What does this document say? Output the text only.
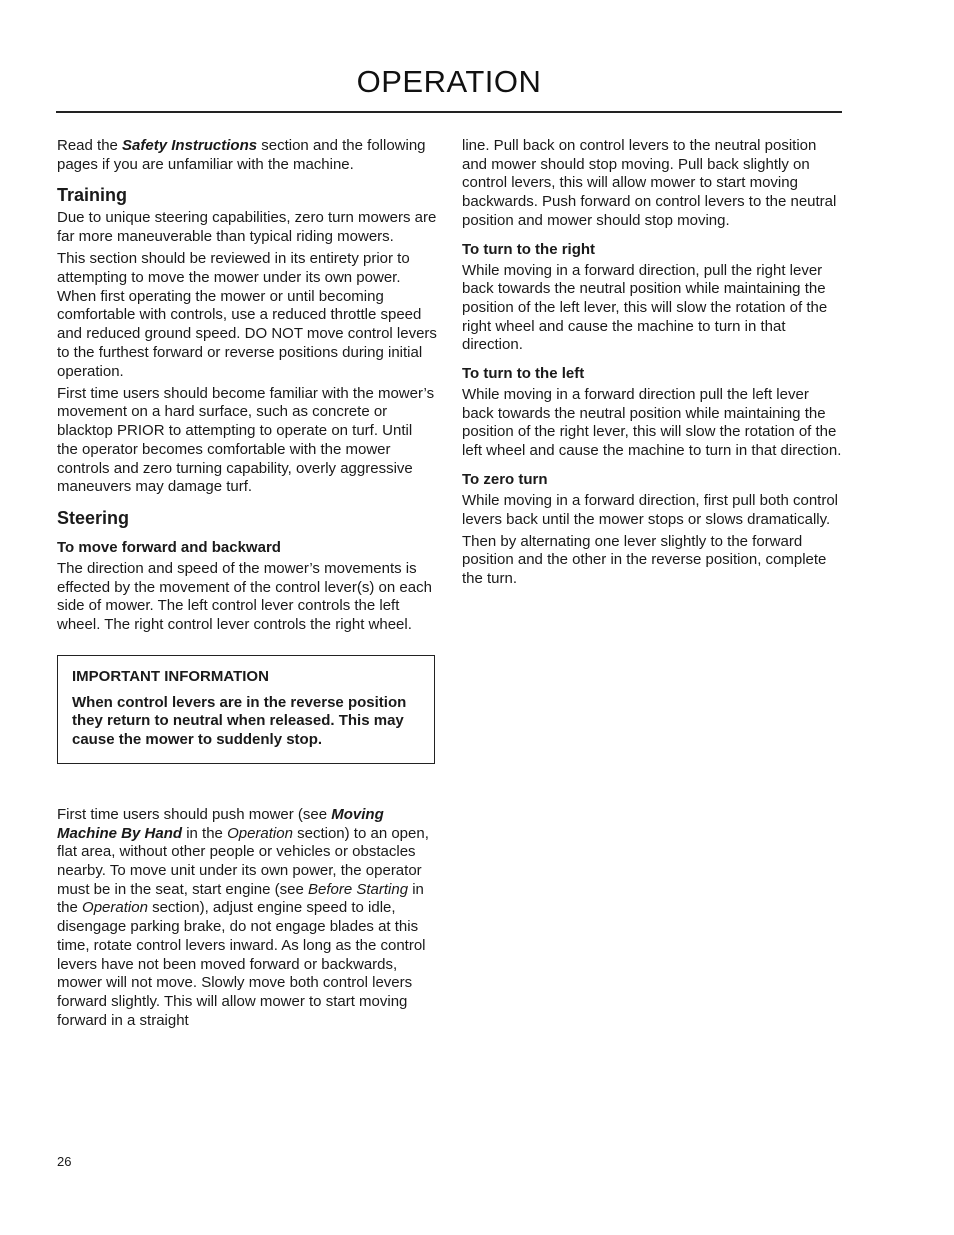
OPERATION

Read the Safety Instructions section and the following pages if you are unfamiliar with the machine.

Training

Due to unique steering capabilities, zero turn mowers are far more maneuverable than typical riding mowers.

This section should be reviewed in its entirety prior to attempting to move the mower under its own power. When first operating the mower or until becoming comfortable with controls, use a reduced throttle speed and reduced ground speed. DO NOT move control levers to the furthest forward or reverse positions during initial operation.

First time users should become familiar with the mower’s movement on a hard surface, such as concrete or blacktop PRIOR to attempting to operate on turf. Until the operator becomes comfortable with the mower controls and zero turning capability, overly aggressive maneuvers may damage turf.

Steering
To move forward and backward

The direction and speed of the mower’s movements is effected by the movement of the control lever(s) on each side of mower. The left control lever controls the left wheel. The right control lever controls the right wheel.

IMPORTANT INFORMATION
When control levers are in the reverse position they return to neutral when released. This may cause the mower to suddenly stop.

First time users should push mower (see Moving Machine By Hand in the Operation section) to an open, flat area, without other people or vehicles or obstacles nearby. To move unit under its own power, the operator must be in the seat, start engine (see Before Starting in the Operation section), adjust engine speed to idle, disengage parking brake, do not engage blades at this time, rotate control levers inward. As long as the control levers have not been moved forward or backwards, mower will not move. Slowly move both control levers forward slightly. This will allow mower to start moving forward in a straight

line. Pull back on control levers to the neutral position and mower should stop moving. Pull back slightly on control levers, this will allow mower to start moving backwards. Push forward on control levers to the neutral position and mower should stop moving.

To turn to the right

While moving in a forward direction, pull the right lever back towards the neutral position while maintaining the position of the left lever, this will slow the rotation of the right wheel and cause the machine to turn in that direction.

To turn to the left

While moving in a forward direction pull the left lever back towards the neutral position while maintaining the position of the right lever, this will slow the rotation of the left wheel and cause the machine to turn in that direction.

To zero turn

While moving in a forward direction, first pull both control levers back until the mower stops or slows dramatically.

Then by alternating one lever slightly to the forward position and the other in the reverse position, complete the turn.

26
